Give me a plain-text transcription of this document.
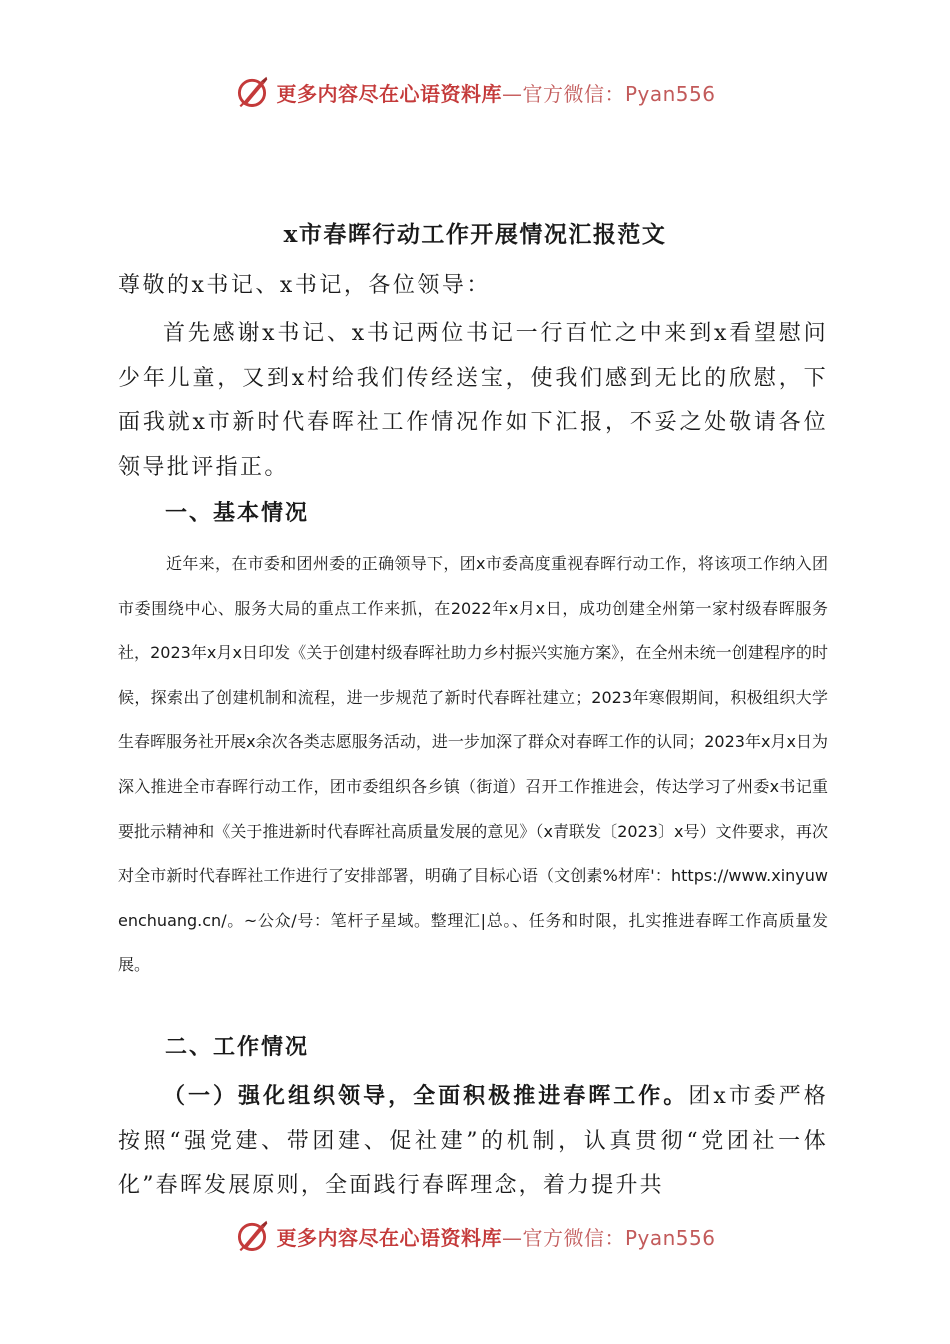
更多内容尽在心语资料库—官方微信：Pyan556
x市春晖行动工作开展情况汇报范文
尊敬的x书记、x书记，各位领导：
首先感谢x书记、x书记两位书记一行百忙之中来到x看望慰问少年儿童，又到x村给我们传经送宝，使我们感到无比的欣慰，下面我就x市新时代春晖社工作情况作如下汇报，不妥之处敬请各位领导批评指正。
一、基本情况
近年来，在市委和团州委的正确领导下，团x市委高度重视春晖行动工作，将该项工作纳入团市委围绕中心、服务大局的重点工作来抓，在2022年x月x日，成功创建全州第一家村级春晖服务社，2023年x月x日印发《关于创建村级春晖社助力乡村振兴实施方案》，在全州未统一创建程序的时候，探索出了创建机制和流程，进一步规范了新时代春晖社建立；2023年寒假期间，积极组织大学生春晖服务社开展x余次各类志愿服务活动，进一步加深了群众对春晖工作的认同；2023年x月x日为深入推进全市春晖行动工作，团市委组织各乡镇（街道）召开工作推进会，传达学习了州委x书记重要批示精神和《关于推进新时代春晖社高质量发展的意见》（x青联发〔2023〕x号）文件要求，再次对全市新时代春晖社工作进行了安排部署，明确了目标心语（文创素%材库'：https://www.xinyuwenchuang.cn/。~公众/号：笔杆子星域。整理汇|总。、任务和时限，扎实推进春晖工作高质量发展。
二、工作情况
（一）强化组织领导，全面积极推进春晖工作。团x市委严格按照“强党建、带团建、促社建”的机制，认真贯彻“党团社一体化”春晖发展原则，全面践行春晖理念，着力提升共
更多内容尽在心语资料库—官方微信：Pyan556
